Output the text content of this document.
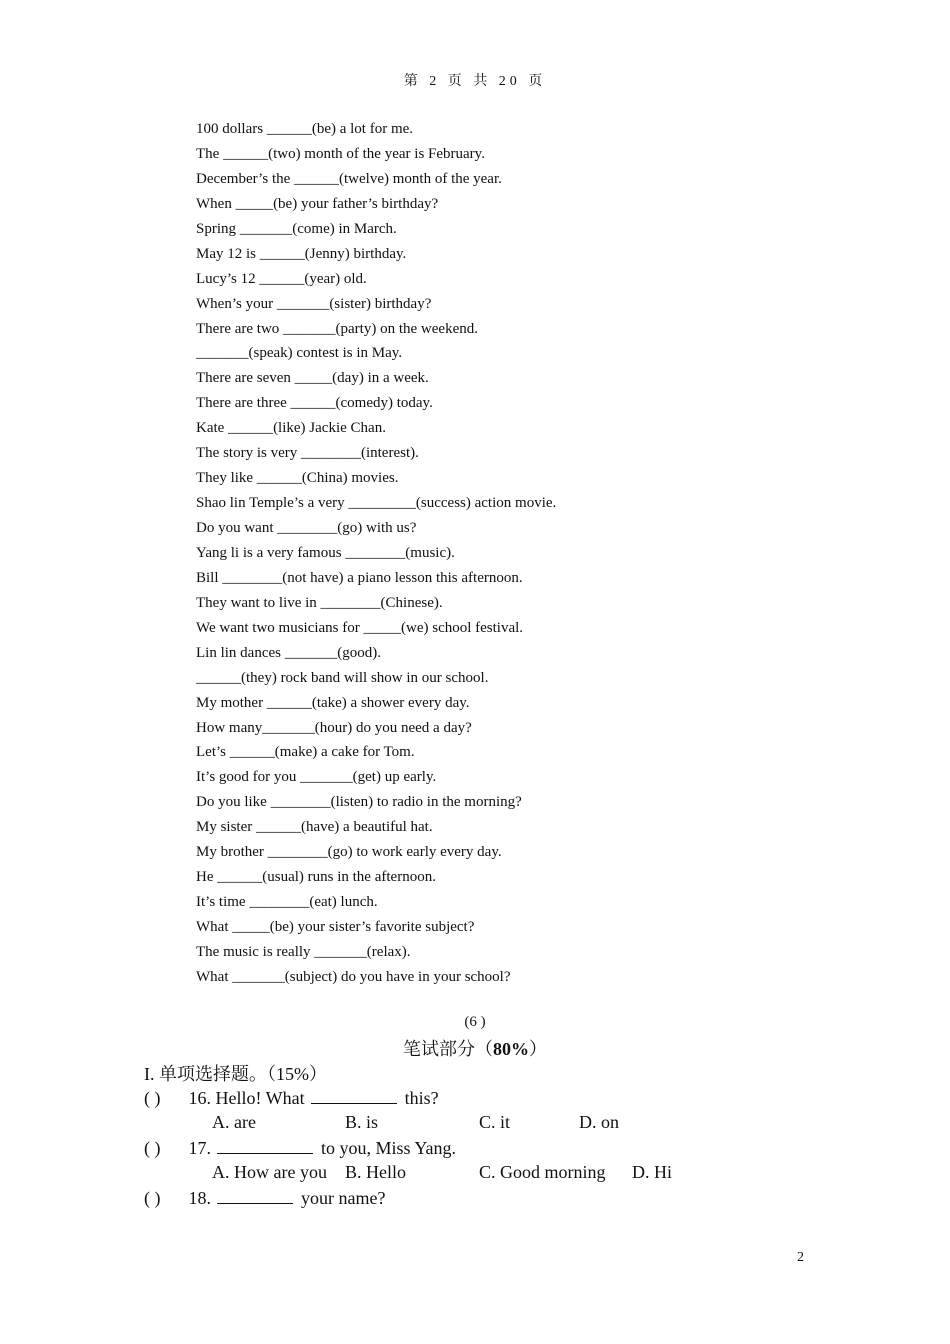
第 2 页 共 20 页
100 dollars ______(be) a lot for me.
The ______(two) month of the year is February.
December’s the ______(twelve) month of the year.
When _____(be) your father’s birthday?
Spring _______(come) in March.
May 12 is ______(Jenny) birthday.
Lucy’s 12 ______(year) old.
When’s your _______(sister) birthday?
There are two _______(party) on the weekend.
_______(speak) contest is in May.
There are seven _____(day) in a week.
There are three ______(comedy) today.
Kate ______(like) Jackie Chan.
The story is very ________(interest).
They like ______(China) movies.
Shao lin Temple’s a very _________(success) action movie.
Do you want ________(go) with us?
Yang li is a very famous ________(music).
Bill ________(not have) a piano lesson this afternoon.
They want to live in ________(Chinese).
We want two musicians for _____(we) school festival.
Lin lin dances _______(good).
______(they) rock band will show in our school.
My mother ______(take) a shower every day.
How many_______(hour) do you need a day?
Let’s ______(make) a cake for Tom.
It’s good for you _______(get) up early.
Do you like ________(listen) to radio in the morning?
My sister ______(have) a beautiful hat.
My brother ________(go) to work early every day.
He ______(usual) runs in the afternoon.
It’s time ________(eat) lunch.
What _____(be) your sister’s favorite subject?
The music is really _______(relax).
What _______(subject) do you have in your school?
(6 )
笔试部分（80%）
I. 单项选择题。（15%）
( ) 16. Hello! What	this?
A. are	B. is	C. it	D. on
( ) 17.	to you, Miss Yang.
A. How are you B. Hello	C. Good morning D. Hi
( ) 18.	your name?
2
